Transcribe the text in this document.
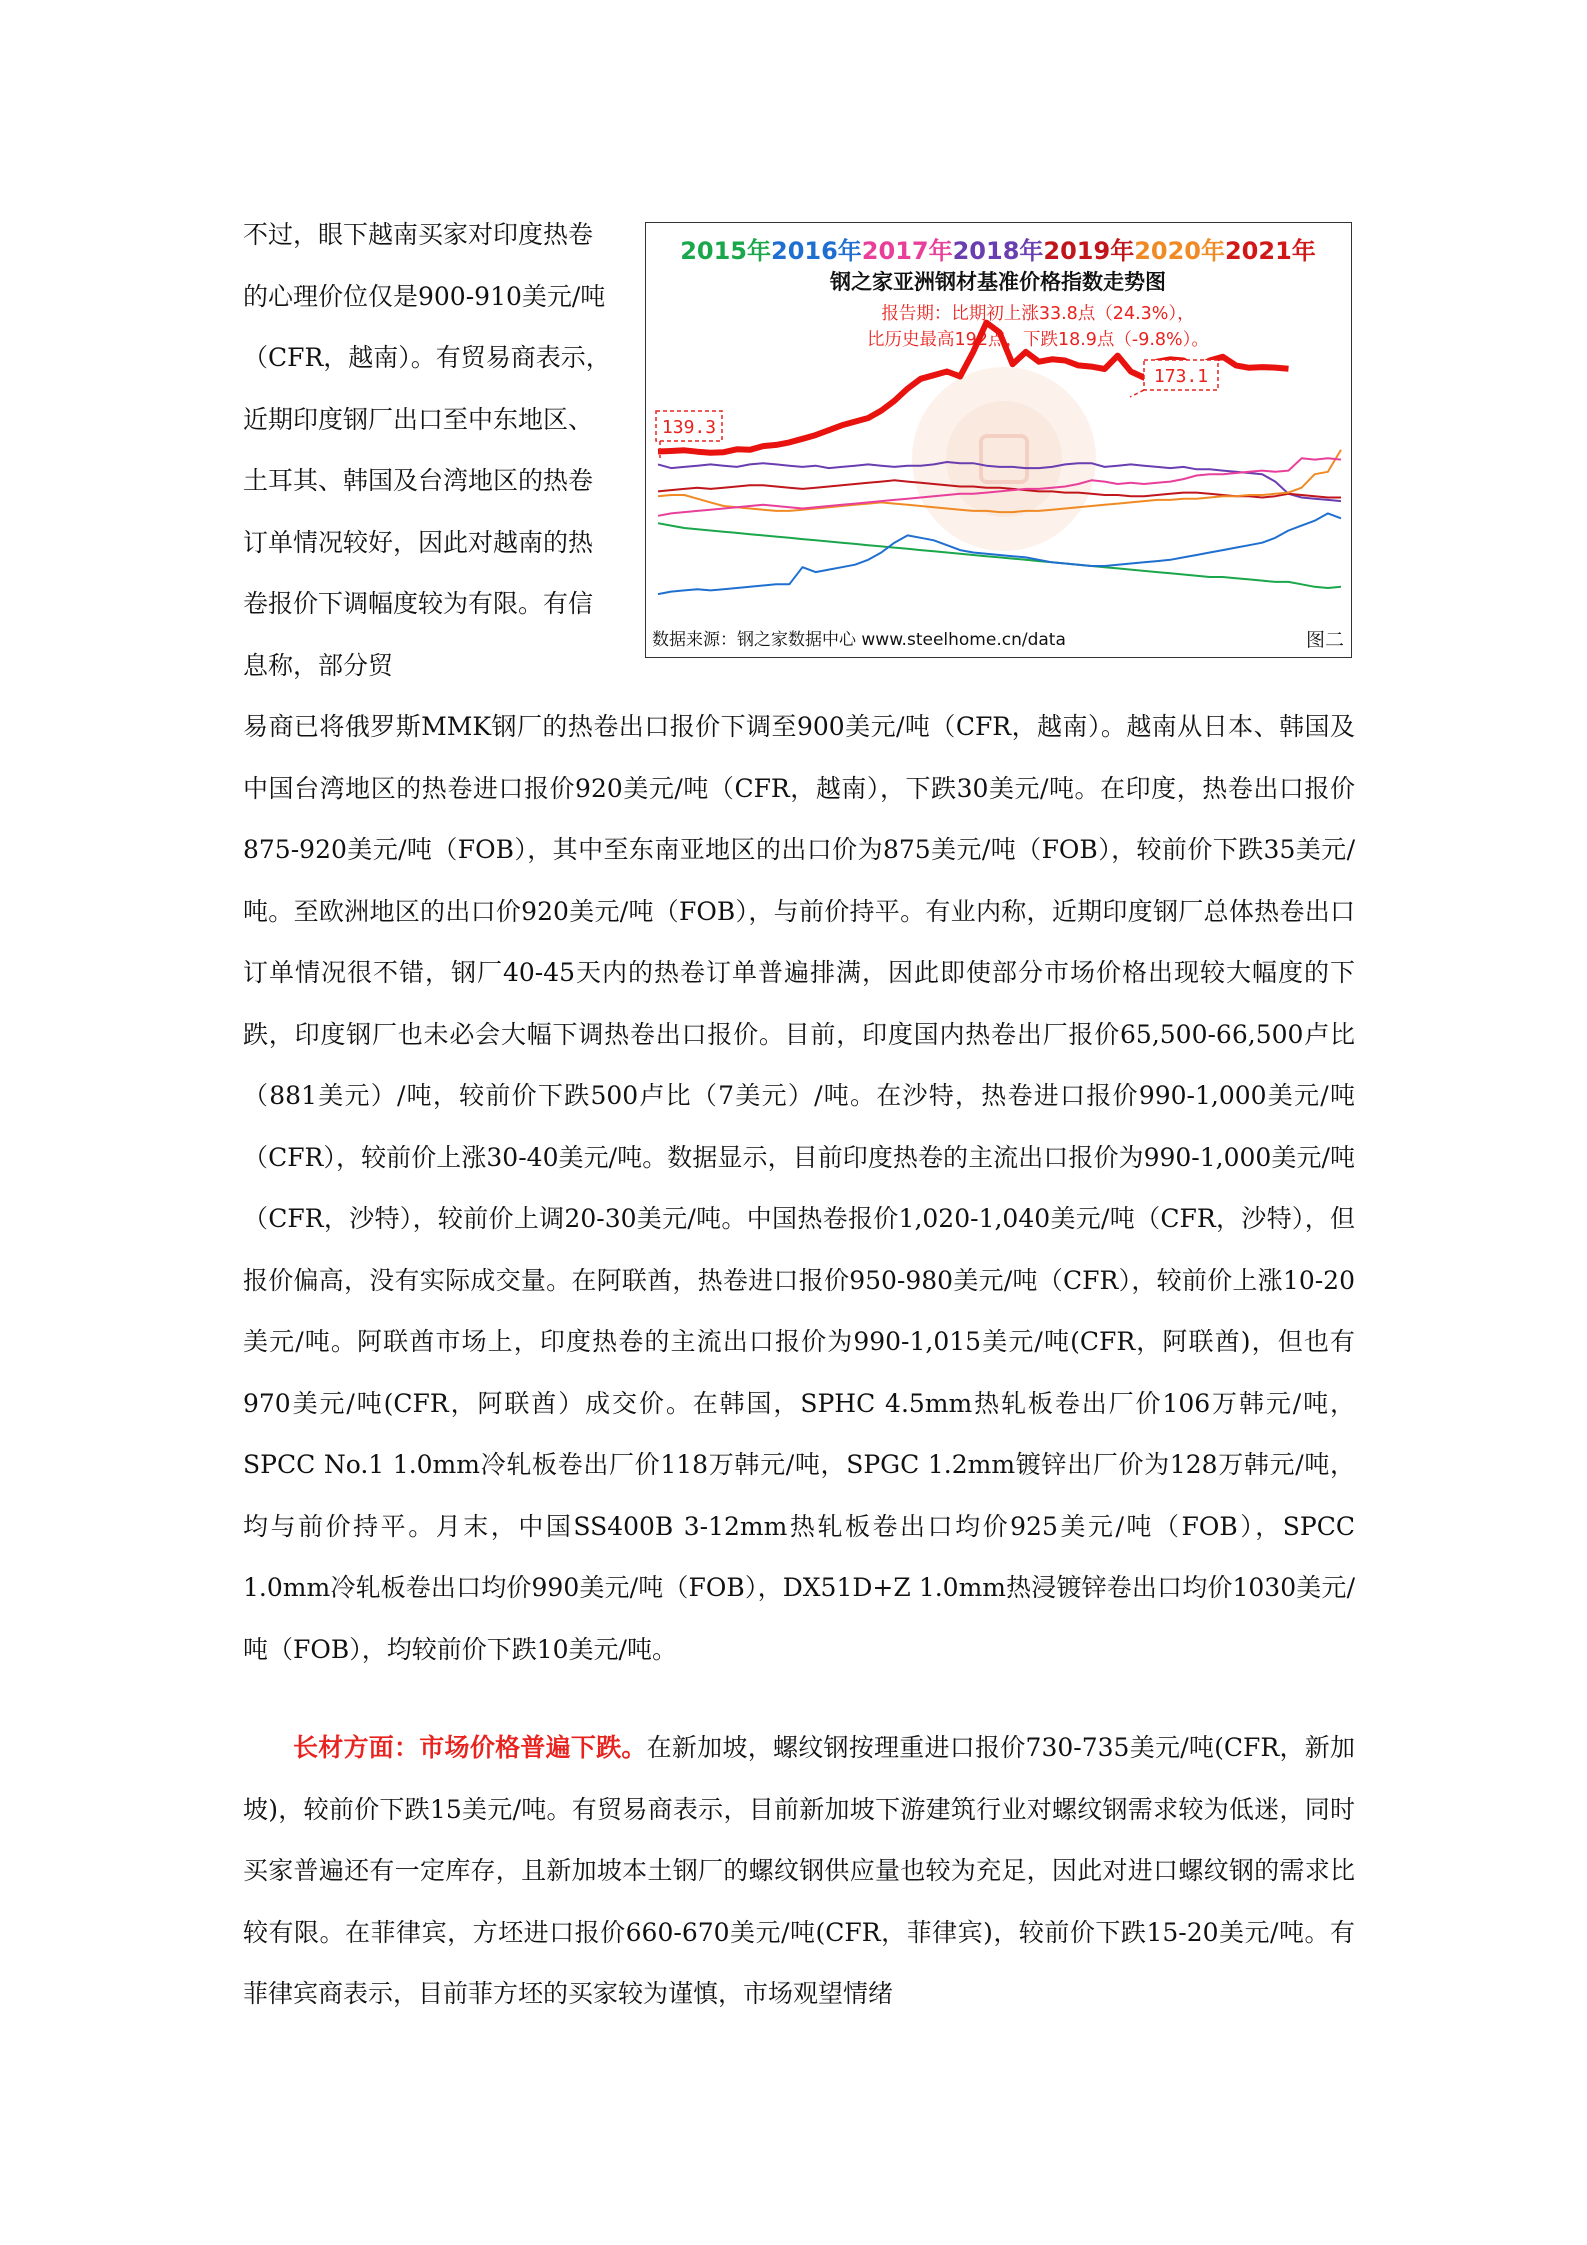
不过，眼下越南买家对印度热卷的心理价位仅是900-910美元/吨（CFR，越南）。有贸易商表示，近期印度钢厂出口至中东地区、土耳其、韩国及台湾地区的热卷订单情况较好，因此对越南的热卷报价下调幅度较为有限。有信息称，部分贸

2015年2016年2017年2018年2019年2020年2021年
钢之家亚洲钢材基准价格指数走势图
报告期：比期初上涨33.8点（24.3%），
比历史最高192点，下跌18.9点（-9.8%）。
139.3
173.1
数据来源：钢之家数据中心 www.steelhome.cn/data	图二

易商已将俄罗斯MMK钢厂的热卷出口报价下调至900美元/吨（CFR，越南）。越南从日本、韩国及中国台湾地区的热卷进口报价920美元/吨（CFR，越南），下跌30美元/吨。在印度，热卷出口报价875-920美元/吨（FOB），其中至东南亚地区的出口价为875美元/吨（FOB），较前价下跌35美元/吨。至欧洲地区的出口价920美元/吨（FOB），与前价持平。有业内称，近期印度钢厂总体热卷出口订单情况很不错，钢厂40-45天内的热卷订单普遍排满，因此即使部分市场价格出现较大幅度的下跌，印度钢厂也未必会大幅下调热卷出口报价。目前，印度国内热卷出厂报价65,500-66,500卢比（881美元）/吨，较前价下跌500卢比（7美元）/吨。在沙特，热卷进口报价990-1,000美元/吨（CFR），较前价上涨30-40美元/吨。数据显示，目前印度热卷的主流出口报价为990-1,000美元/吨（CFR，沙特），较前价上调20-30美元/吨。中国热卷报价1,020-1,040美元/吨（CFR，沙特），但报价偏高，没有实际成交量。在阿联酋，热卷进口报价950-980美元/吨（CFR），较前价上涨10-20美元/吨。阿联酋市场上，印度热卷的主流出口报价为990-1,015美元/吨(CFR，阿联酋)，但也有970美元/吨(CFR，阿联酋）成交价。在韩国，SPHC 4.5mm热轧板卷出厂价106万韩元/吨，SPCC No.1 1.0mm冷轧板卷出厂价118万韩元/吨，SPGC 1.2mm镀锌出厂价为128万韩元/吨，均与前价持平。月末，中国SS400B 3-12mm热轧板卷出口均价925美元/吨（FOB），SPCC 1.0mm冷轧板卷出口均价990美元/吨（FOB），DX51D+Z 1.0mm热浸镀锌卷出口均价1030美元/吨（FOB），均较前价下跌10美元/吨。

长材方面：市场价格普遍下跌。在新加坡，螺纹钢按理重进口报价730-735美元/吨(CFR，新加坡)，较前价下跌15美元/吨。有贸易商表示，目前新加坡下游建筑行业对螺纹钢需求较为低迷，同时买家普遍还有一定库存，且新加坡本土钢厂的螺纹钢供应量也较为充足，因此对进口螺纹钢的需求比较有限。在菲律宾，方坯进口报价660-670美元/吨(CFR，菲律宾)，较前价下跌15-20美元/吨。有菲律宾商表示，目前菲方坯的买家较为谨慎，市场观望情绪
